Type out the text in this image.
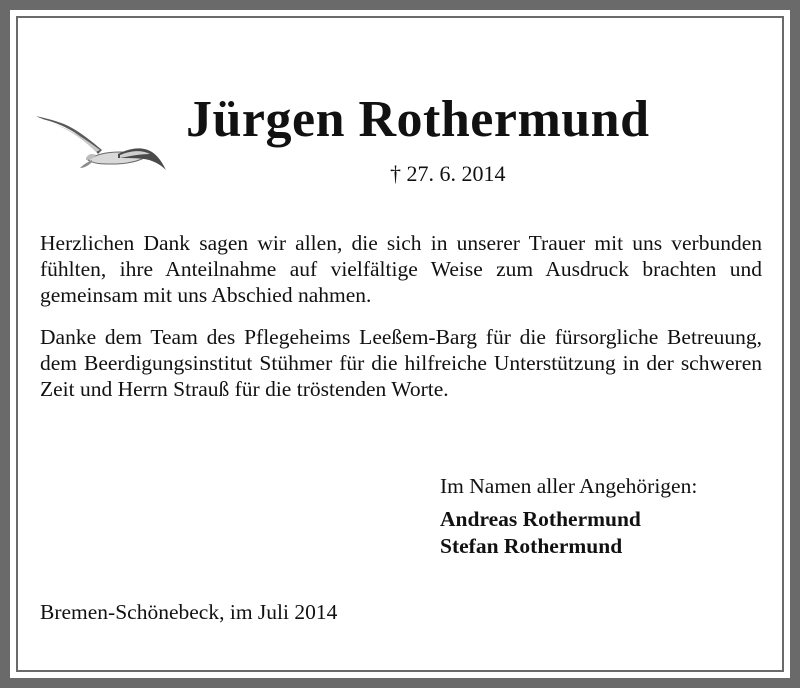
Jürgen Rothermund
† 27. 6. 2014
Herzlichen Dank sagen wir allen, die sich in unserer Trauer mit uns verbunden fühlten, ihre Anteilnahme auf vielfältige Weise zum Ausdruck brachten und gemeinsam mit uns Abschied nahmen.
Danke dem Team des Pflegeheims Leeßem-Barg für die fürsorgliche Betreuung, dem Beerdigungsinstitut Stühmer für die hilfreiche Unterstützung in der schweren Zeit und Herrn Strauß für die tröstenden Worte.
Im Namen aller Angehörigen:
Andreas Rothermund
Stefan Rothermund
Bremen-Schönebeck, im Juli 2014
